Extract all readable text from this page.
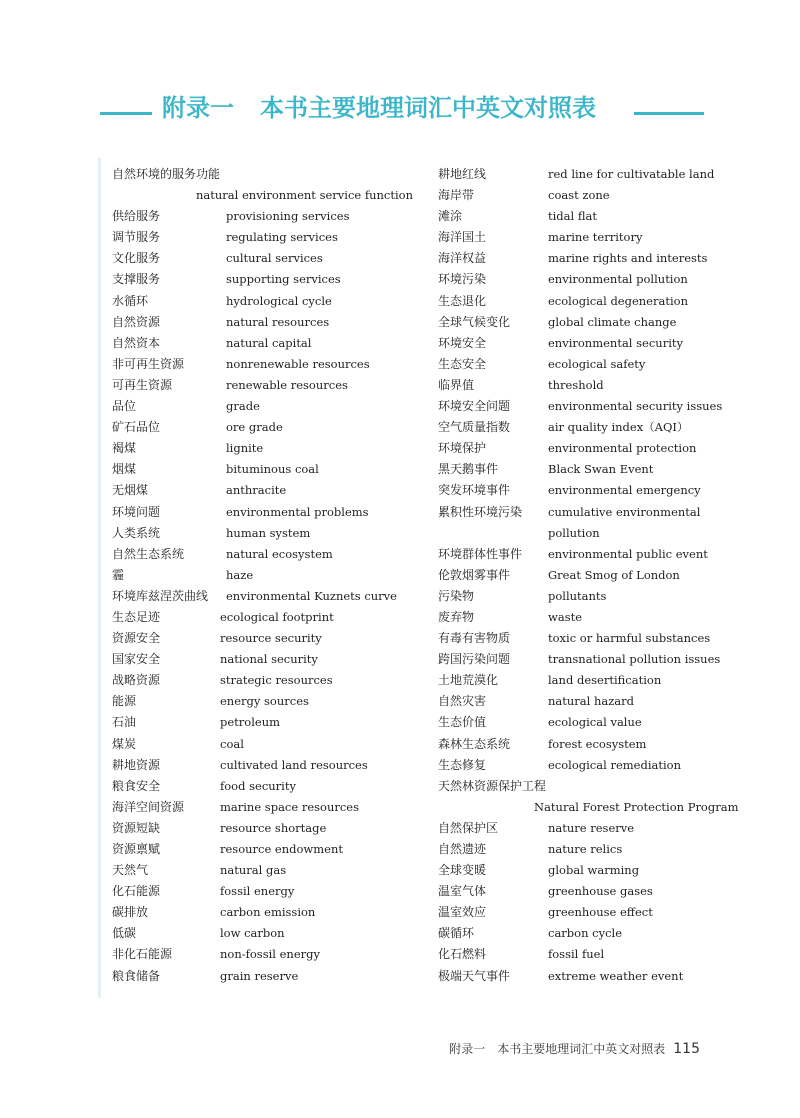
附录一 本书主要地理词汇中英文对照表
自然环境的服务功能
natural environment service function
供给服务	provisioning services
调节服务	regulating services
文化服务	cultural services
支撑服务	supporting services
水循环	hydrological cycle
自然资源	natural resources
自然资本	natural capital
非可再生资源	nonrenewable resources
可再生资源	renewable resources
品位	grade
矿石品位	ore grade
褐煤	lignite
烟煤	bituminous coal
无烟煤	anthracite
环境问题	environmental problems
人类系统	human system
自然生态系统	natural ecosystem
霾	haze
环境库兹涅茨曲线 environmental Kuznets curve
生态足迹	ecological footprint
资源安全	resource security
国家安全	national security
战略资源	strategic resources
能源	energy sources
石油	petroleum
煤炭	coal
耕地资源	cultivated land resources
粮食安全	food security
海洋空间资源	marine space resources
资源短缺	resource shortage
资源禀赋	resource endowment
天然气	natural gas
化石能源	fossil energy
碳排放	carbon emission
低碳	low carbon
非化石能源	non-fossil energy
粮食储备	grain reserve
耕地红线	red line for cultivatable land
海岸带	coast zone
滩涂	tidal flat
海洋国土	marine territory
海洋权益	marine rights and interests
环境污染	environmental pollution
生态退化	ecological degeneration
全球气候变化	global climate change
环境安全	environmental security
生态安全	ecological safety
临界值	threshold
环境安全问题	environmental security issues
空气质量指数	air quality index（AQI）
环境保护	environmental protection
黑天鹅事件	Black Swan Event
突发环境事件	environmental emergency
累积性环境污染 cumulative environmental
pollution
环境群体性事件 environmental public event
伦敦烟雾事件	Great Smog of London
污染物	pollutants
废弃物	waste
有毒有害物质	toxic or harmful substances
跨国污染问题	transnational pollution issues
土地荒漠化	land desertification
自然灾害	natural hazard
生态价值	ecological value
森林生态系统	forest ecosystem
生态修复	ecological remediation
天然林资源保护工程
Natural Forest Protection Program
自然保护区	nature reserve
自然遗迹	nature relics
全球变暖	global warming
温室气体	greenhouse gases
温室效应	greenhouse effect
碳循环	carbon cycle
化石燃料	fossil fuel
极端天气事件	extreme weather event
附录一 本书主要地理词汇中英文对照表 115
